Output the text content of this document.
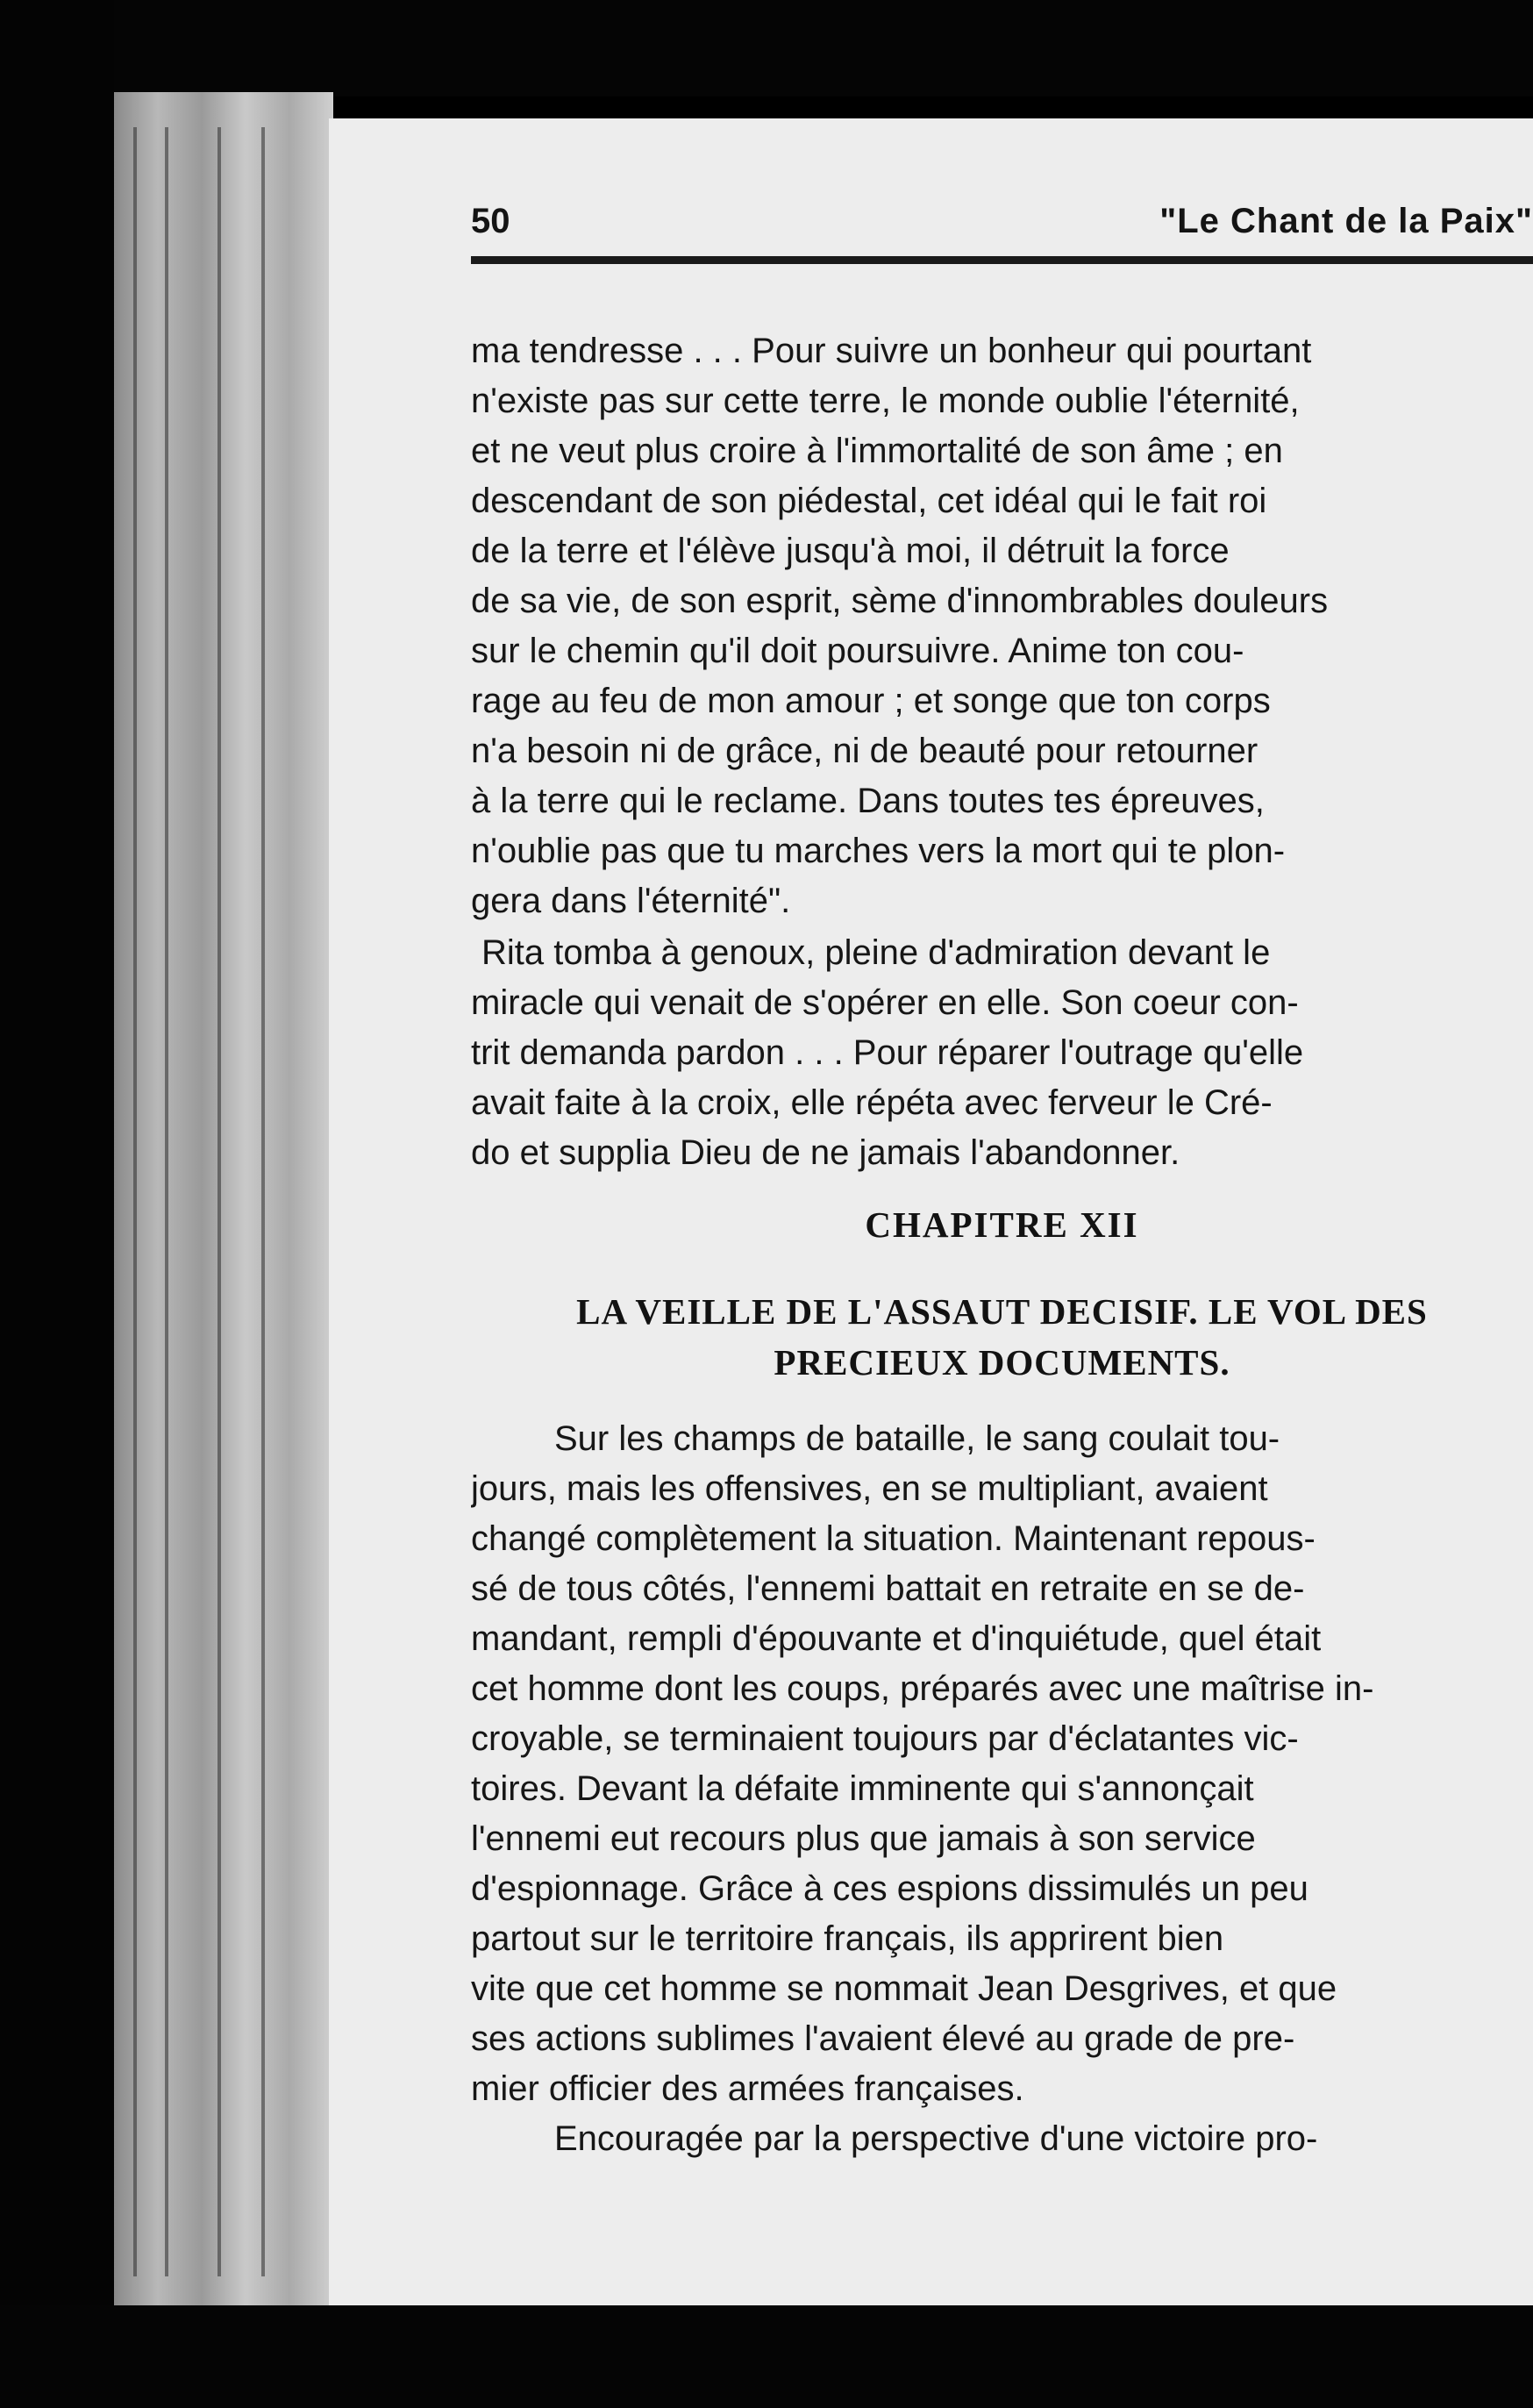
50	"Le Chant de la Paix"
ma tendresse . . . Pour suivre un bonheur qui pourtant
n'existe pas sur cette terre, le monde oublie l'éternité,
et ne veut plus croire à l'immortalité de son âme ; en
descendant de son piédestal, cet idéal qui le fait roi
de la terre et l'élève jusqu'à moi, il détruit la force
de sa vie, de son esprit, sème d'innombrables douleurs
sur le chemin qu'il doit poursuivre. Anime ton cou-
rage au feu de mon amour ; et songe que ton corps
n'a besoin ni de grâce, ni de beauté pour retourner
à la terre qui le reclame. Dans toutes tes épreuves,
n'oublie pas que tu marches vers la mort qui te plon-
gera dans l'éternité".
Rita tomba à genoux, pleine d'admiration devant le
miracle qui venait de s'opérer en elle. Son coeur con-
trit demanda pardon . . . Pour réparer l'outrage qu'elle
avait faite à la croix, elle répéta avec ferveur le Cré-
do et supplia Dieu de ne jamais l'abandonner.
CHAPITRE XII
LA VEILLE DE L'ASSAUT DECISIF. LE VOL DES
PRECIEUX DOCUMENTS.
Sur les champs de bataille, le sang coulait tou-
jours, mais les offensives, en se multipliant, avaient
changé complètement la situation. Maintenant repous-
sé de tous côtés, l'ennemi battait en retraite en se de-
mandant, rempli d'épouvante et d'inquiétude, quel était
cet homme dont les coups, préparés avec une maîtrise in-
croyable, se terminaient toujours par d'éclatantes vic-
toires. Devant la défaite imminente qui s'annonçait
l'ennemi eut recours plus que jamais à son service
d'espionnage. Grâce à ces espions dissimulés un peu
partout sur le territoire français, ils apprirent bien
vite que cet homme se nommait Jean Desgrives, et que
ses actions sublimes l'avaient élevé au grade de pre-
mier officier des armées françaises.
Encouragée par la perspective d'une victoire pro-
